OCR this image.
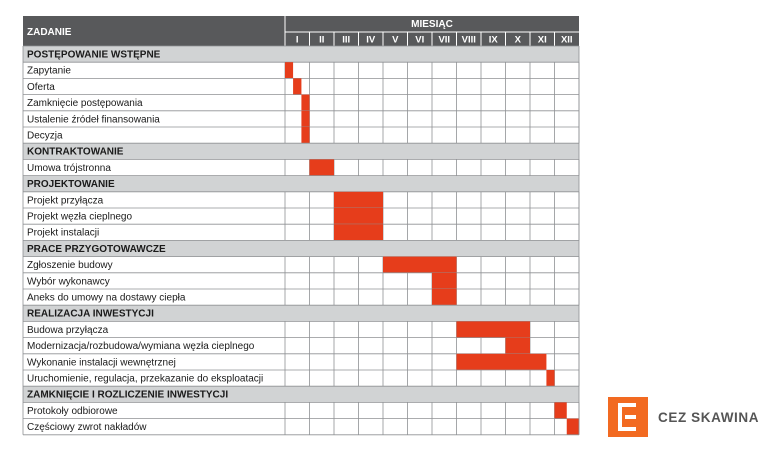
ZADANIE
MIESIĄC
I II III IV V VI VII VIII IX X XI XII
POSTĘPOWANIE WSTĘPNE
Zapytanie
Oferta
Zamknięcie postępowania
Ustalenie źródeł finansowania
Decyzja
KONTRAKTOWANIE
Umowa trójstronna
PROJEKTOWANIE
Projekt przyłącza
Projekt węzła cieplnego
Projekt instalacji
PRACE PRZYGOTOWAWCZE
Zgłoszenie budowy
Wybór wykonawcy
Aneks do umowy na dostawy ciepła
REALIZACJA INWESTYCJI
Budowa przyłącza
Modernizacja/rozbudowa/wymiana węzła cieplnego
Wykonanie instalacji wewnętrznej
Uruchomienie, regulacja, przekazanie do eksploatacji
ZAMKNIĘCIE I ROZLICZENIE INWESTYCJI
Protokoły odbiorowe
Częściowy zwrot nakładów
CEZ SKAWINA
